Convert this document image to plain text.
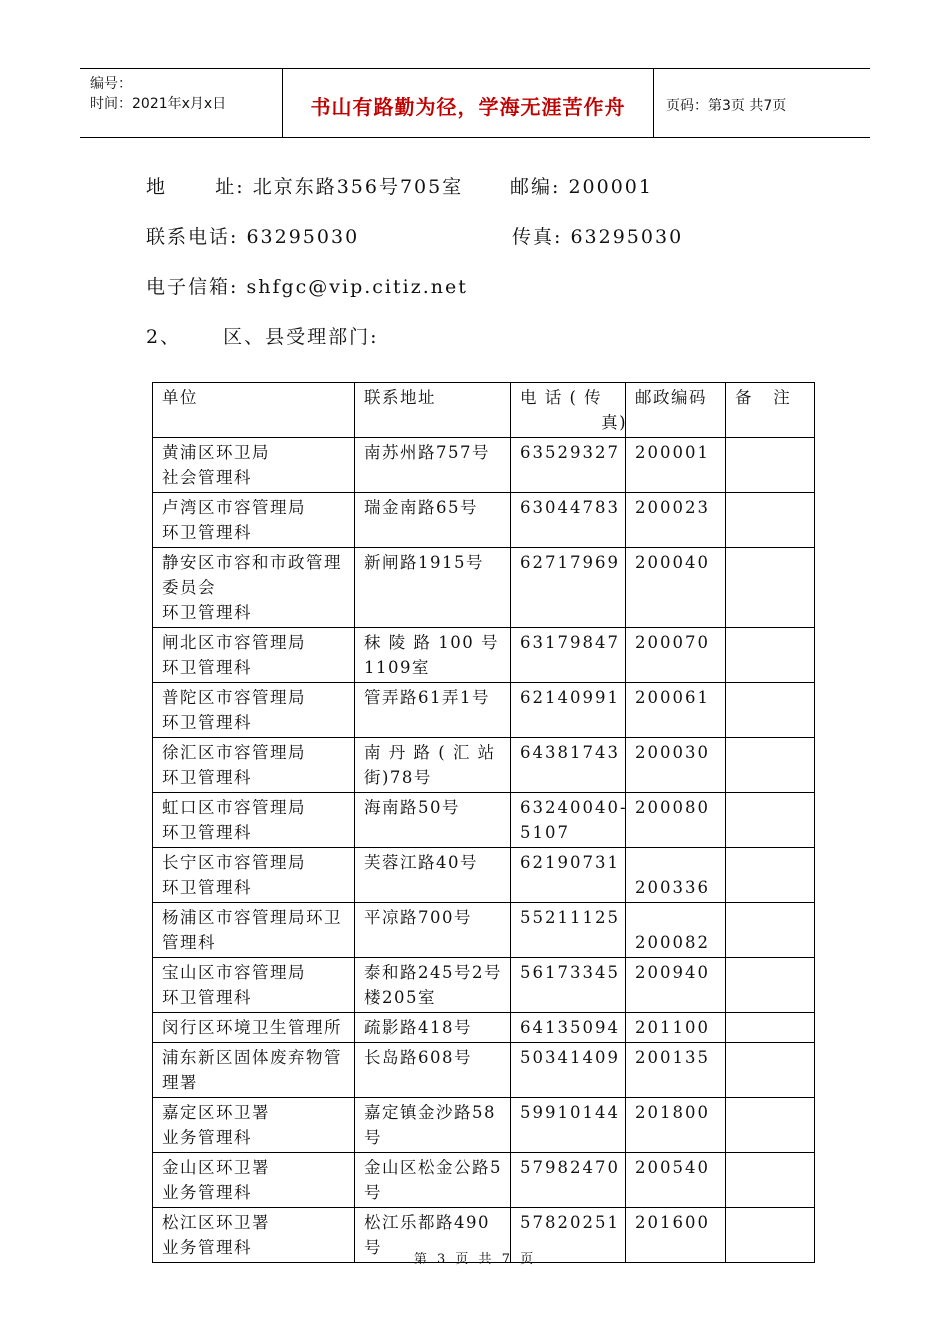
编号：
时间：2021年x月x日	书山有路勤为径，学海无涯苦作舟	页码：第3页 共7页
地      址: 北京东路356号705室 邮编: 200001
联系电话: 63295030	传真: 63295030
电子信箱: shfgc@vip.citiz.net
2、 区、县受理部门:
单位	联系地址	电 话 ( 传
真)	邮政编码	备   注
黄浦区环卫局
社会管理科	南苏州路757号	63529327	200001	
卢湾区市容管理局
环卫管理科	瑞金南路65号	63044783	200023	
静安区市容和市政管理委员会
环卫管理科	新闸路1915号	62717969	200040	
闸北区市容管理局
环卫管理科	秣 陵 路 100 号1109室	63179847	200070	
普陀区市容管理局
环卫管理科	管弄路61弄1号	62140991	200061	
徐汇区市容管理局
环卫管理科	南 丹 路 ( 汇 站 街)78号	64381743	200030	
虹口区市容管理局
环卫管理科	海南路50号	63240040-5107	200080	
长宁区市容管理局
环卫管理科	芙蓉江路40号	62190731	200336	
杨浦区市容管理局环卫管理科	平凉路700号	55211125	200082	
宝山区市容管理局
环卫管理科	泰和路245号2号楼205室	56173345	200940	
闵行区环境卫生管理所	疏影路418号	64135094	201100	
浦东新区固体废弃物管理署	长岛路608号	50341409	200135	
嘉定区环卫署
业务管理科	嘉定镇金沙路58号	59910144	201800	
金山区环卫署
业务管理科	金山区松金公路5号	57982470	200540	
松江区环卫署
业务管理科	松江乐都路490号	57820251	201600	
第 3 页 共 7 页
